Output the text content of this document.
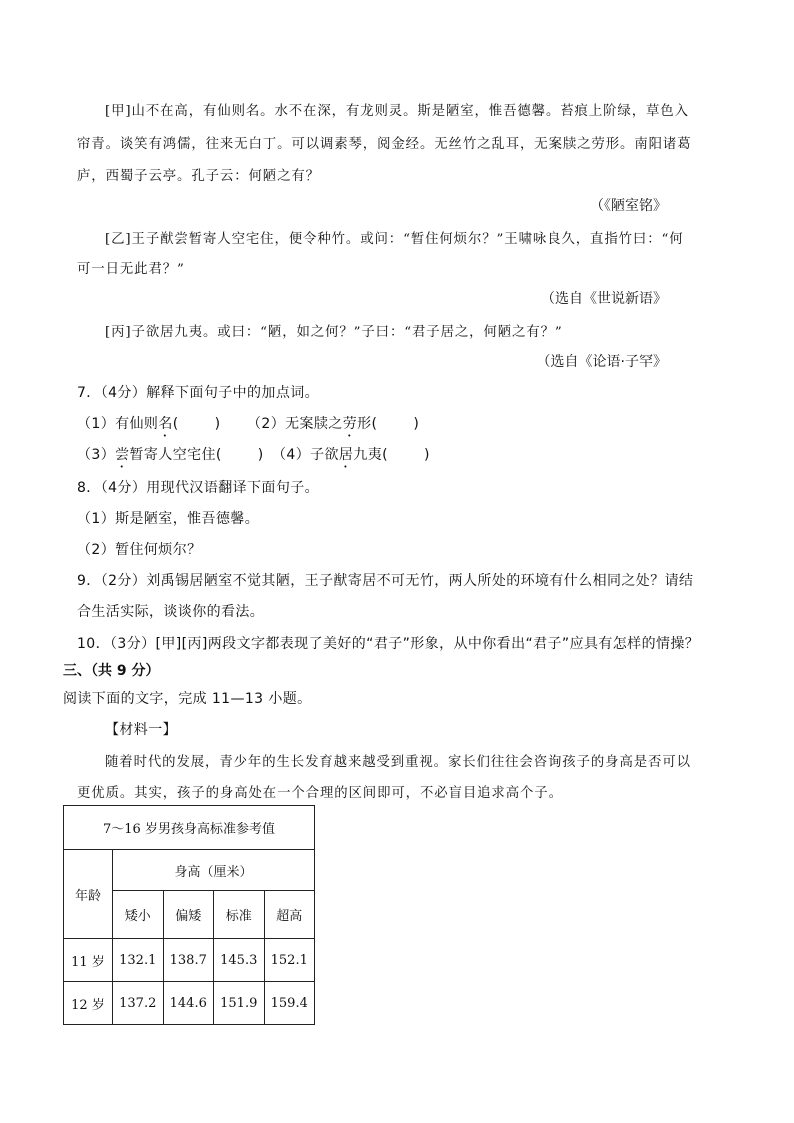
[甲]山不在高，有仙则名。水不在深，有龙则灵。斯是陋室，惟吾德馨。苔痕上阶绿，草色入
帘青。谈笑有鸿儒，往来无白丁。可以调素琴，阅金经。无丝竹之乱耳，无案牍之劳形。南阳诸葛
庐，西蜀子云亭。孔子云：何陋之有？
（《陋室铭》
[乙]王子猷尝暂寄人空宅住，便令种竹。或问：“暂住何烦尔？”王啸咏良久，直指竹曰：“何
可一日无此君？”
（选自《世说新语》
[丙]子欲居九夷。或曰：“陋，如之何？”子曰：“君子居之，何陋之有？”
（选自《论语·子罕》
7．（4分）解释下面句子中的加点词。
（1）有仙则名(	) （2）无案牍之劳形(	)
（3）尝暂寄人空宅住(	) （4）子欲居九夷(	)
8．（4分）用现代汉语翻译下面句子。
（1）斯是陋室，惟吾德馨。
（2）暂住何烦尔？
9．（2分）刘禹锡居陋室不觉其陋，王子猷寄居不可无竹，两人所处的环境有什么相同之处？请结
合生活实际，谈谈你的看法。
10．（3分）[甲][丙]两段文字都表现了美好的“君子”形象，从中你看出“君子”应具有怎样的情操？
三、（共 9 分）
阅读下面的文字，完成 11—13 小题。
【材料一】
随着时代的发展，青少年的生长发育越来越受到重视。家长们往往会咨询孩子的身高是否可以
更优质。其实，孩子的身高处在一个合理的区间即可，不必盲目追求高个子。
7～16 岁男孩身高标准参考值				
年龄	身高（厘米）			
	矮小	偏矮	标准	超高
11 岁	132.1	138.7	145.3	152.1
12 岁	137.2	144.6	151.9	159.4
